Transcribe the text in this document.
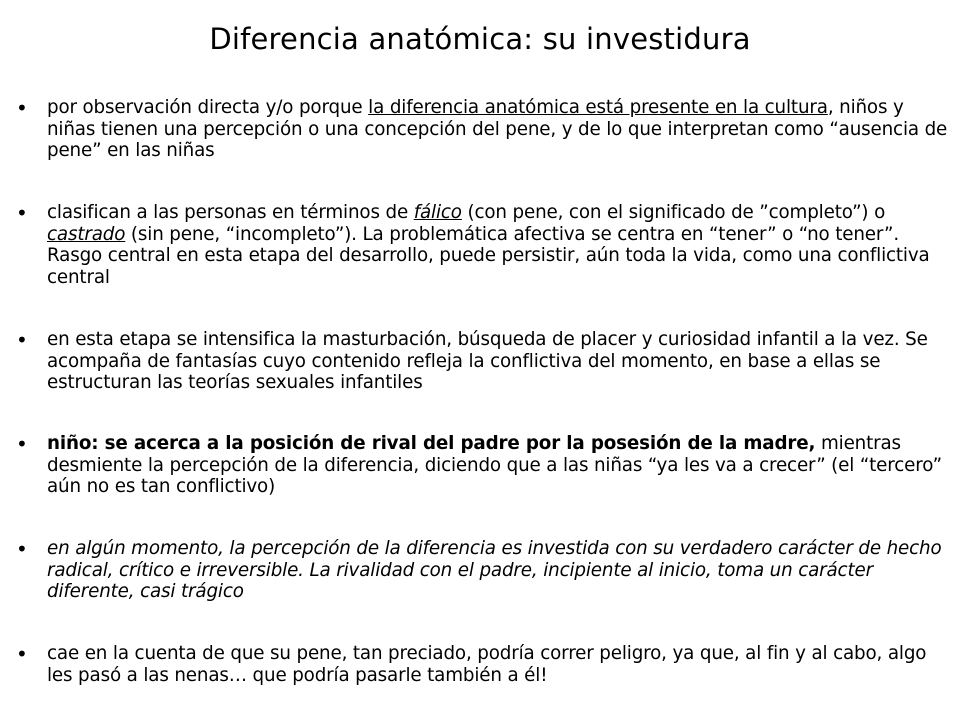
Diferencia anatómica: su investidura
• por observación directa y/o porque la diferencia anatómica está presente en la cultura, niños y niñas tienen una percepción o una concepción del pene, y de lo que interpretan como “ausencia de pene” en las niñas
• clasifican a las personas en términos de fálico (con pene, con el significado de ”completo”) o castrado (sin pene, “incompleto”). La problemática afectiva se centra en “tener” o “no tener”. Rasgo central en esta etapa del desarrollo, puede persistir, aún toda la vida, como una conflictiva central
• en esta etapa se intensifica la masturbación, búsqueda de placer y curiosidad infantil a la vez. Se acompaña de fantasías cuyo contenido refleja la conflictiva del momento, en base a ellas se estructuran las teorías sexuales infantiles
• niño: se acerca a la posición de rival del padre por la posesión de la madre, mientras desmiente la percepción de la diferencia, diciendo que a las niñas “ya les va a crecer” (el “tercero” aún no es tan conflictivo)
• en algún momento, la percepción de la diferencia es investida con su verdadero carácter de hecho radical, crítico e irreversible. La rivalidad con el padre, incipiente al inicio, toma un carácter diferente, casi trágico
• cae en la cuenta de que su pene, tan preciado, podría correr peligro, ya que, al fin y al cabo, algo les pasó a las nenas… que podría pasarle también a él!
